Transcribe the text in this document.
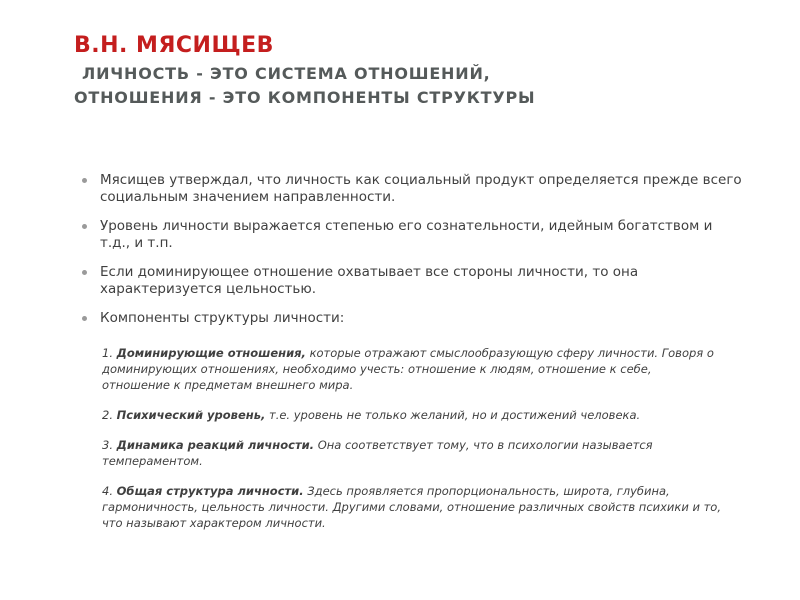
В.Н. МЯСИЩЕВ
ЛИЧНОСТЬ - ЭТО СИСТЕМА ОТНОШЕНИЙ,
ОТНОШЕНИЯ - ЭТО КОМПОНЕНТЫ СТРУКТУРЫ
Мясищев утверждал, что личность как социальный продукт определяется прежде всего социальным значением направленности.
Уровень личности выражается степенью его сознательности, идейным богатством и т.д., и т.п.
Если доминирующее отношение охватывает все стороны личности, то она характеризуется цельностью.
Компоненты структуры личности:
1. Доминирующие отношения, которые отражают смыслообразующую сферу личности. Говоря о доминирующих отношениях, необходимо учесть: отношение к людям, отношение к себе, отношение к предметам внешнего мира.
2. Психический уровень, т.е. уровень не только желаний, но и достижений человека.
3. Динамика реакций личности. Она соответствует тому, что в психологии называется темпераментом.
4. Общая структура личности. Здесь проявляется пропорциональность, широта, глубина, гармоничность, цельность личности. Другими словами, отношение различных свойств психики и то, что называют характером личности.
